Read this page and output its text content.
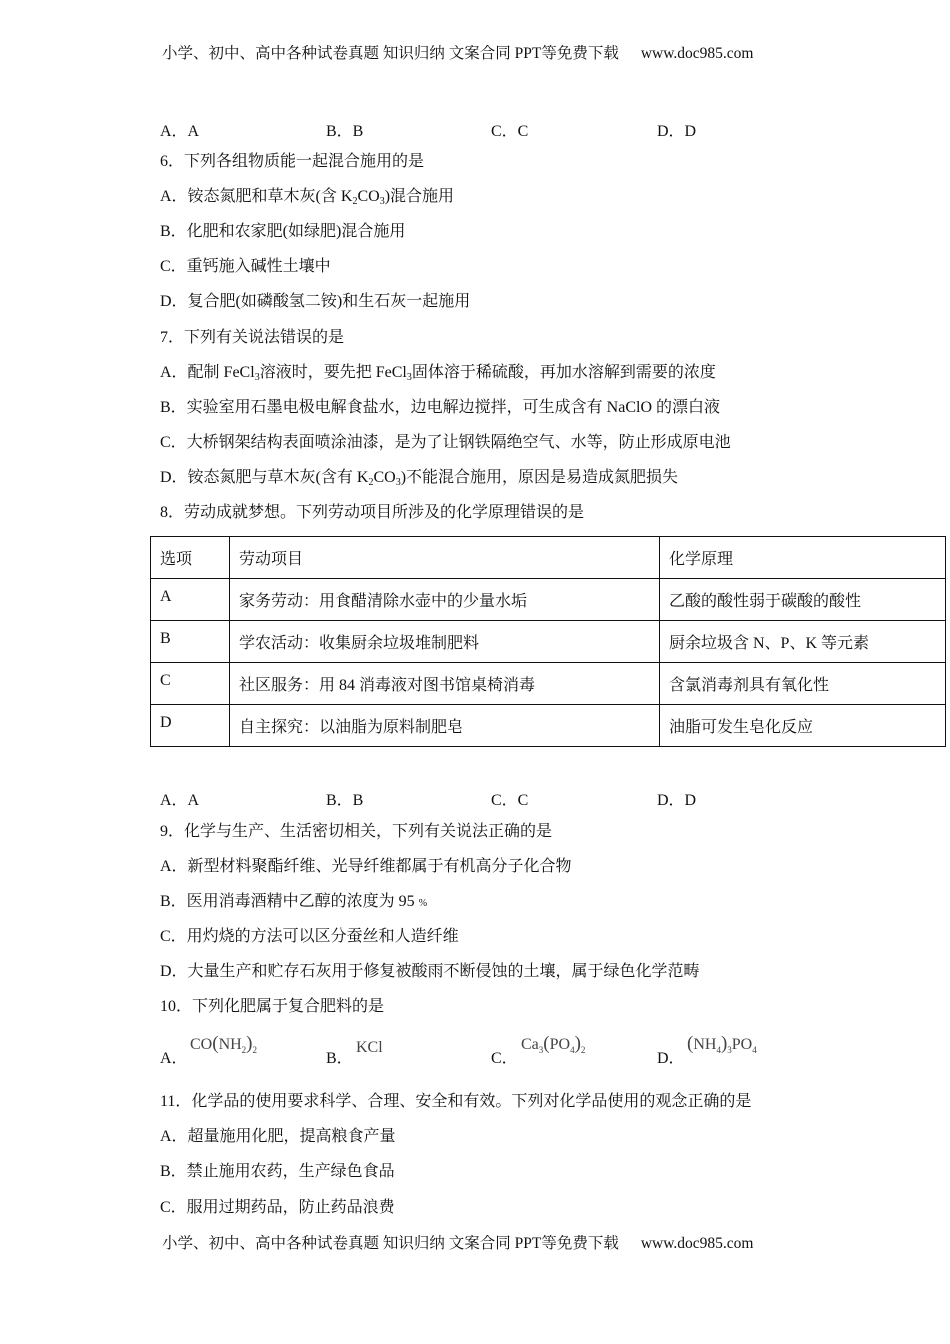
小学、初中、高中各种试卷真题 知识归纳 文案合同 PPT等免费下载 www.doc985.com
A．A	B．B	C．C	D．D
6．下列各组物质能一起混合施用的是
A．铵态氮肥和草木灰(含 $K_2CO_3$)混合施用
B．化肥和农家肥(如绿肥)混合施用
C．重钙施入碱性土壤中
D．复合肥(如磷酸氢二铵)和生石灰一起施用
7．下列有关说法错误的是
A．配制 FeCl$_3$溶液时，要先把 FeCl$_3$固体溶于稀硫酸，再加水溶解到需要的浓度
B．实验室用石墨电极电解食盐水，边电解边搅拌，可生成含有 NaClO 的漂白液
C．大桥钢架结构表面喷涂油漆，是为了让钢铁隔绝空气、水等，防止形成原电池
D．铵态氮肥与草木灰(含有 $K_2CO_3$)不能混合施用，原因是易造成氮肥损失
8．劳动成就梦想。下列劳动项目所涉及的化学原理错误的是
选项	劳动项目	化学原理
A	家务劳动：用食醋清除水壶中的少量水垢	乙酸的酸性弱于碳酸的酸性
B	学农活动：收集厨余垃圾堆制肥料	厨余垃圾含 N、P、K 等元素
C	社区服务：用 84 消毒液对图书馆桌椅消毒	含氯消毒剂具有氧化性
D	自主探究：以油脂为原料制肥皂	油脂可发生皂化反应
A．A	B．B	C．C	D．D
9．化学与生产、生活密切相关，下列有关说法正确的是
A．新型材料聚酯纤维、光导纤维都属于有机高分子化合物
B．医用消毒酒精中乙醇的浓度为 95 %
C．用灼烧的方法可以区分蚕丝和人造纤维
D．大量生产和贮存石灰用于修复被酸雨不断侵蚀的土壤，属于绿色化学范畴
10．下列化肥属于复合肥料的是
A．
$CO(NH_2)_2$	B．
KCl
C．
$Ca_3(PO_4)_2$	D．
$(NH_4)_3PO_4$
11．化学品的使用要求科学、合理、安全和有效。下列对化学品使用的观念正确的是
A．超量施用化肥，提高粮食产量
B．禁止施用农药，生产绿色食品
C．服用过期药品，防止药品浪费
小学、初中、高中各种试卷真题 知识归纳 文案合同 PPT等免费下载 www.doc985.com
